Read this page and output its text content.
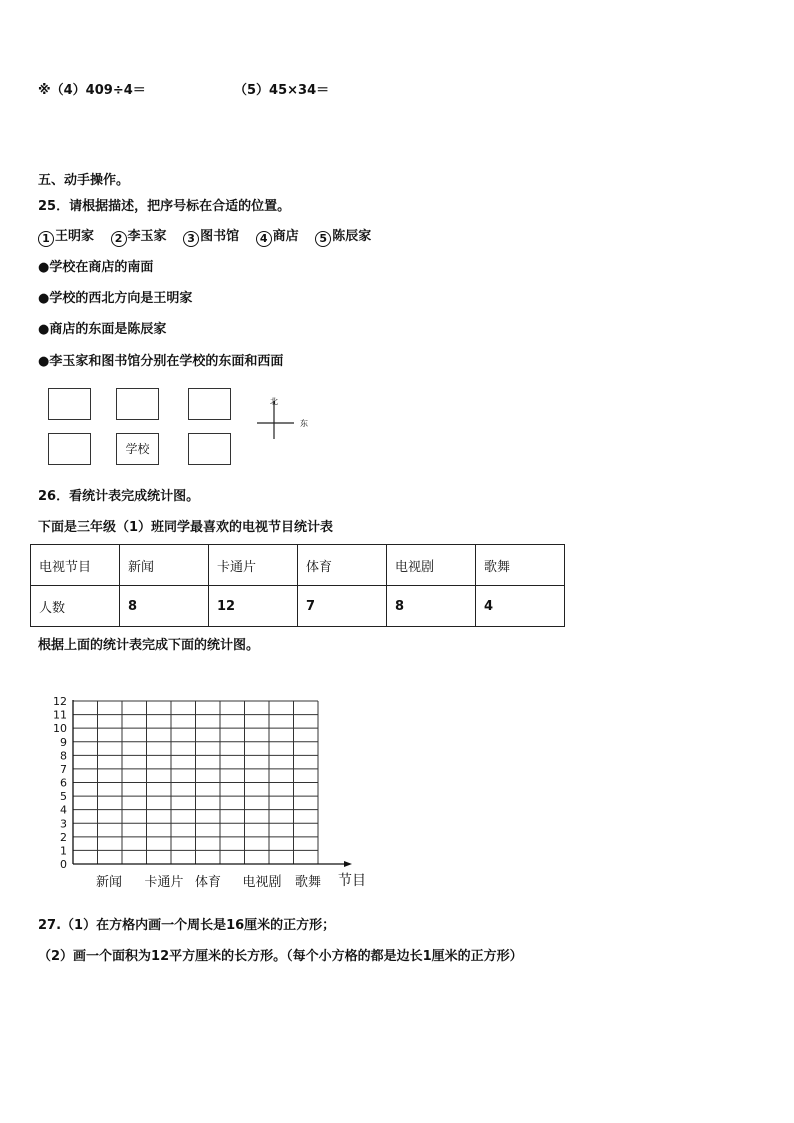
※（4）409÷4＝	（5）45×34＝
五、动手操作。
25．请根据描述，把序号标在合适的位置。
1 王明家 2 李玉家 3 图书馆 4 商店 5 陈辰家
●学校在商店的南面
●学校的西北方向是王明家
●商店的东面是陈辰家
●李玉家和图书馆分别在学校的东面和西面
学校
北
东
26．看统计表完成统计图。
下面是三年级（1）班同学最喜欢的电视节目统计表
电视节目	新闻	卡通片	体育	电视剧	歌舞
人数	8	12	7	8	4
根据上面的统计表完成下面的统计图。
0
1
2
3
4
5
6
7
8
9
10
11
12
新闻 卡通片 体育 电视剧 歌舞 节目
27.（1）在方格内画一个周长是16厘米的正方形；
（2）画一个面积为12平方厘米的长方形。（每个小方格的都是边长1厘米的正方形）
